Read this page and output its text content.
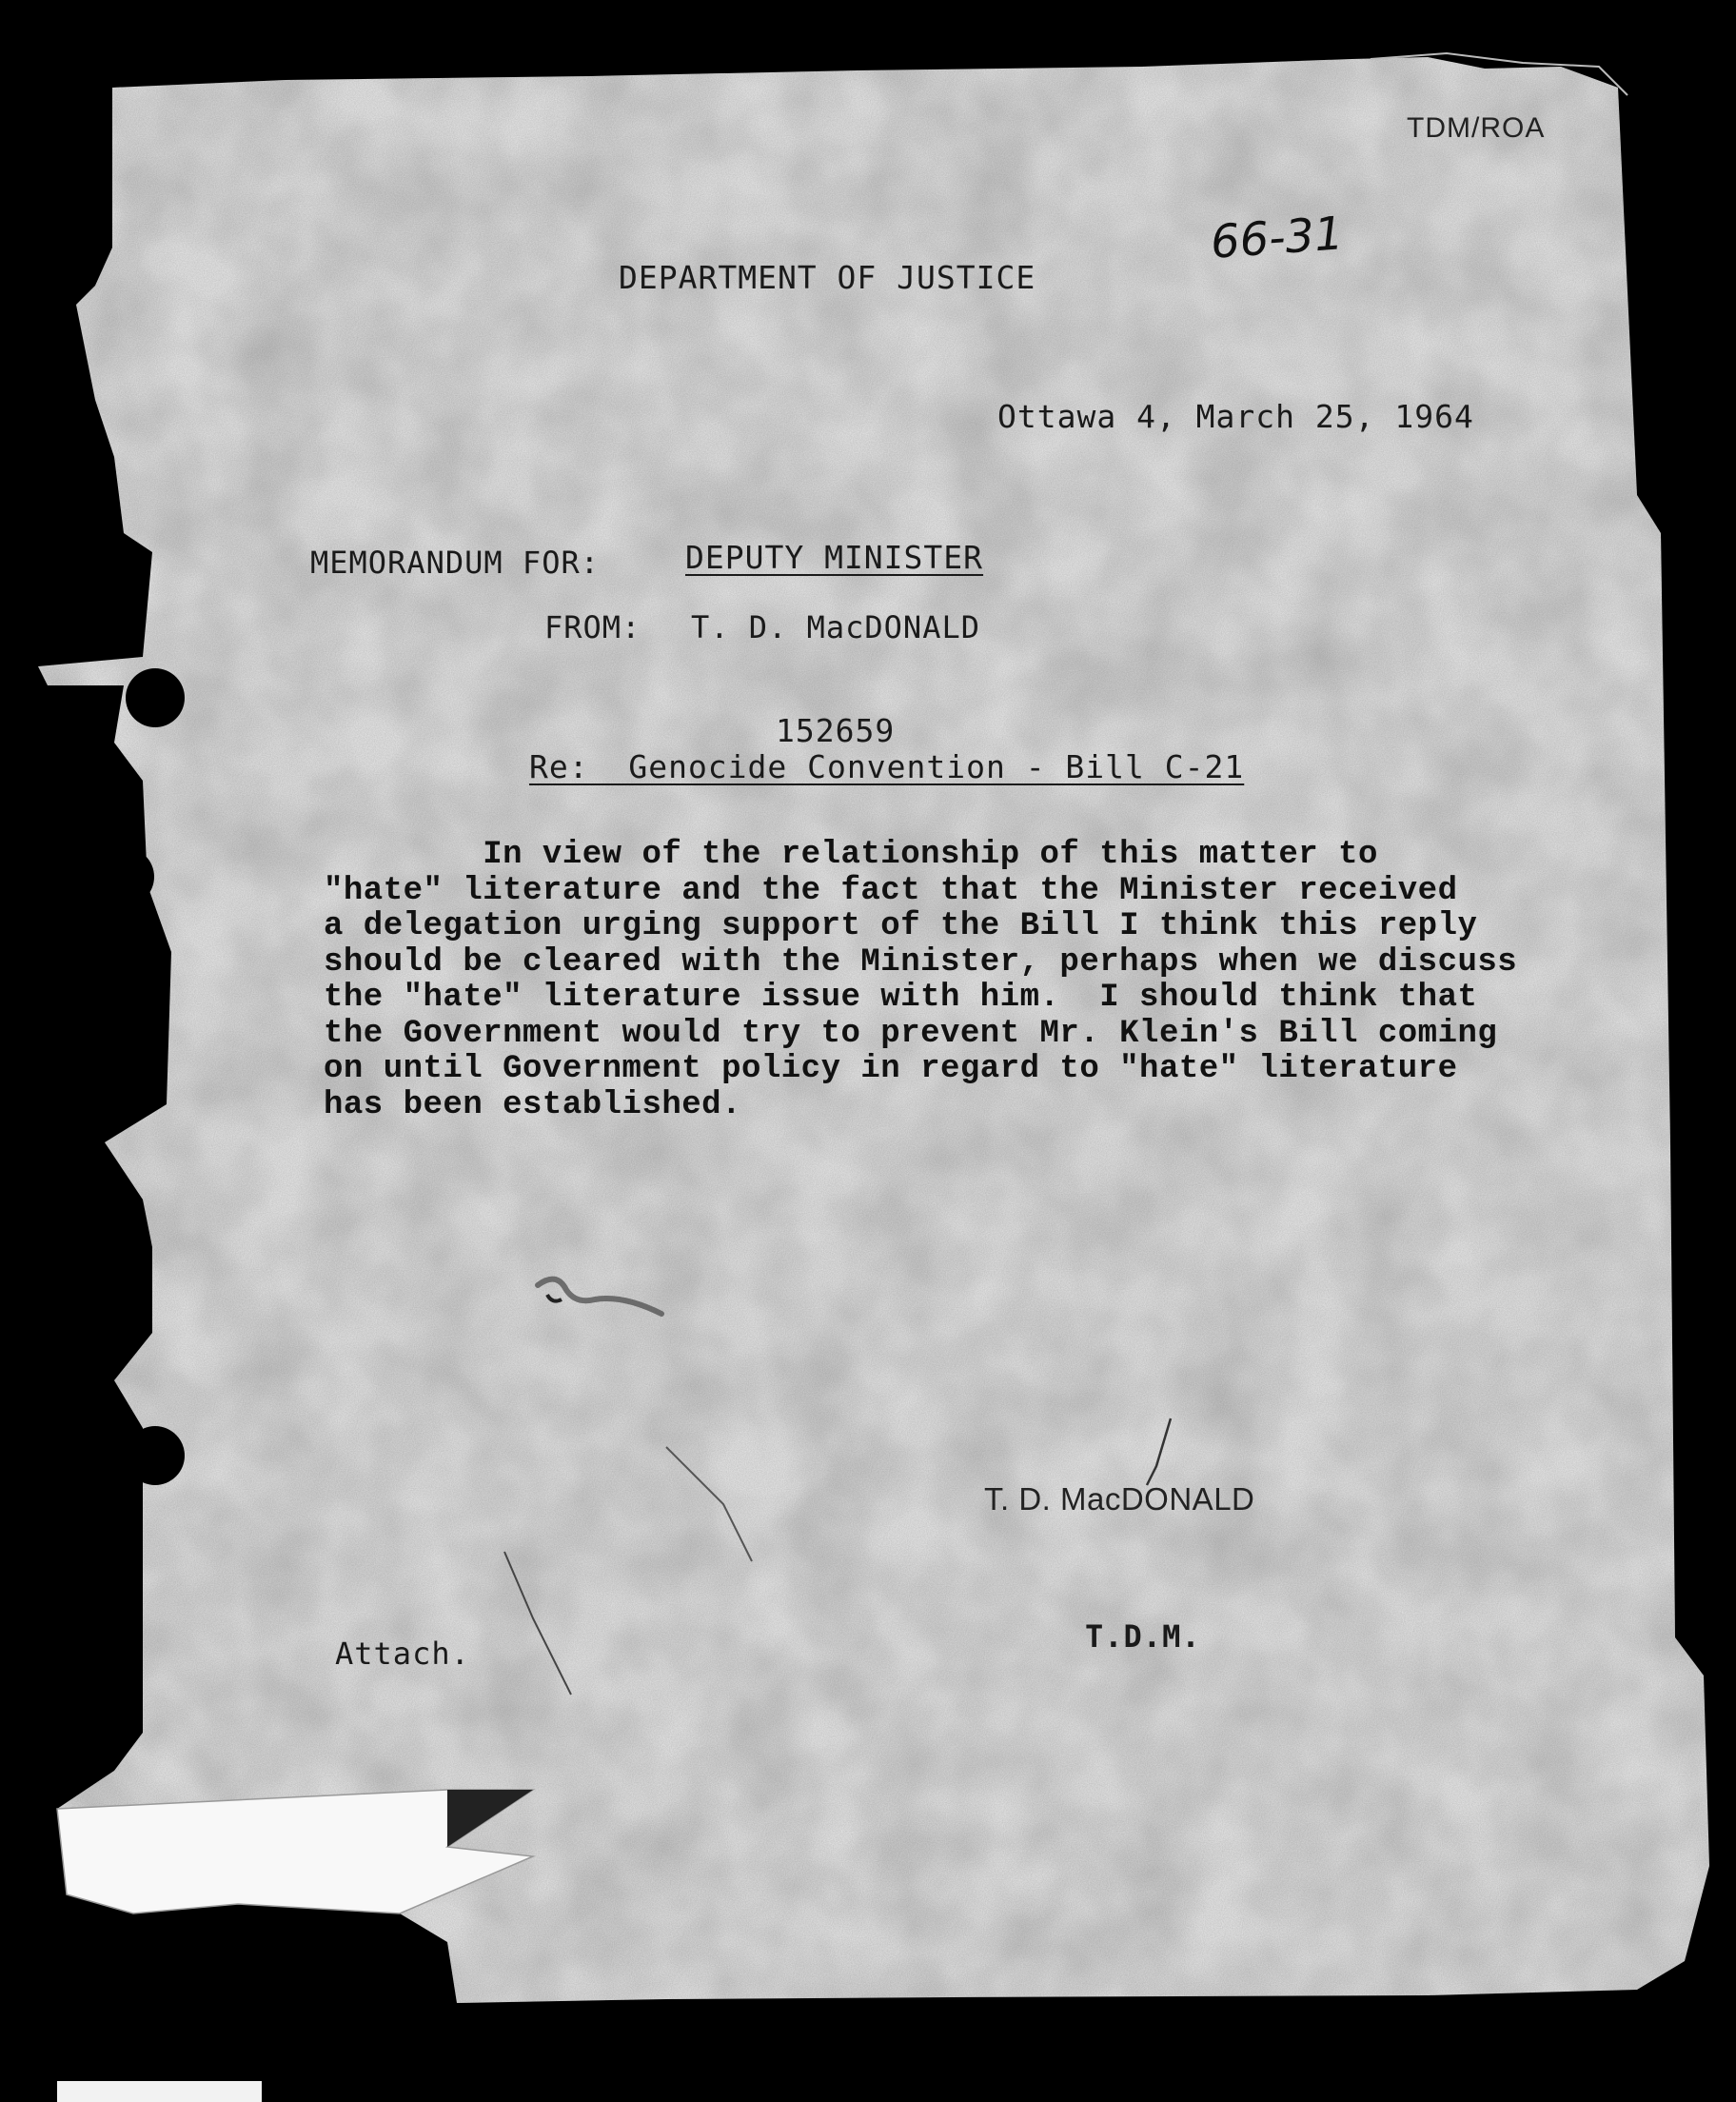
TDM/ROA
66-31
DEPARTMENT OF JUSTICE
Ottawa 4, March 25, 1964
MEMORANDUM FOR:	DEPUTY MINISTER
FROM: T. D. MacDONALD
152659
Re:  Genocide Convention - Bill C-21
In view of the relationship of this matter to
"hate" literature and the fact that the Minister received
a delegation urging support of the Bill I think this reply
should be cleared with the Minister, perhaps when we discuss
the "hate" literature issue with him.  I should think that
the Government would try to prevent Mr. Klein's Bill coming
on until Government policy in regard to "hate" literature
has been established.
T. D. MacDONALD
T.D.M.
Attach.
